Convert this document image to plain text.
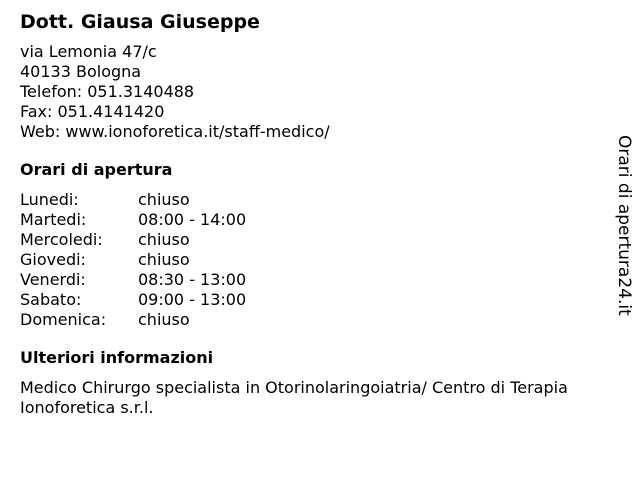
Dott. Giausa Giuseppe
via Lemonia 47/c
40133 Bologna
Telefon: 051.3140488
Fax: 051.4141420
Web: www.ionoforetica.it/staff-medico/
Orari di apertura
Lunedi:	chiuso
Martedi:	08:00 - 14:00
Mercoledi:	chiuso
Giovedi:	chiuso
Venerdi:	08:30 - 13:00
Sabato:	09:00 - 13:00
Domenica:	chiuso
Ulteriori informazioni
Medico Chirurgo specialista in Otorinolaringoiatria/ Centro di Terapia Ionoforetica s.r.l.
Orari di apertura24.it
